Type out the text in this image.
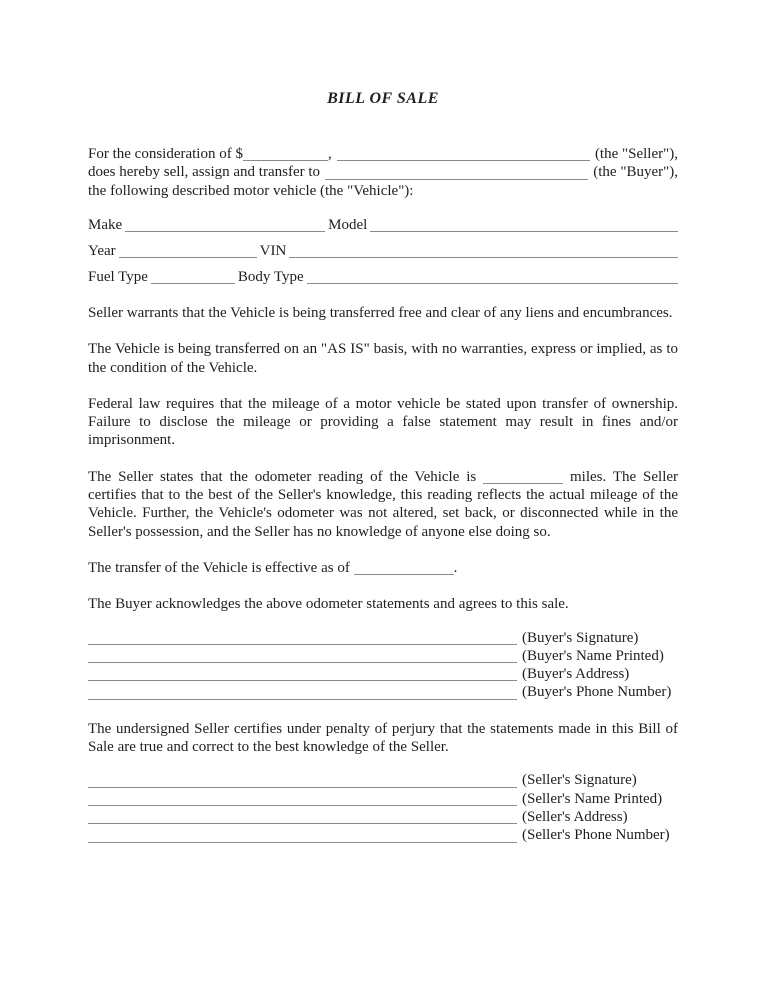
BILL OF SALE
For the consideration of $	,	(the "Seller"),
does hereby sell, assign and transfer to	(the "Buyer"),
the following described motor vehicle (the "Vehicle"):
Make	Model
Year	VIN
Fuel Type	Body Type

Seller warrants that the Vehicle is being transferred free and clear of any liens and encumbrances.

The Vehicle is being transferred on an "AS IS" basis, with no warranties, express or implied, as to the condition of the Vehicle.

Federal law requires that the mileage of a motor vehicle be stated upon transfer of ownership. Failure to disclose the mileage or providing a false statement may result in fines and/or imprisonment.

The Seller states that the odometer reading of the Vehicle is	miles. The Seller certifies that to the best of the Seller's knowledge, this reading reflects the actual mileage of the Vehicle. Further, the Vehicle's odometer was not altered, set back, or disconnected while in the Seller's possession, and the Seller has no knowledge of anyone else doing so.

The transfer of the Vehicle is effective as of	.

The Buyer acknowledges the above odometer statements and agrees to this sale.

(Buyer's Signature)
(Buyer's Name Printed)
(Buyer's Address)
(Buyer's Phone Number)

The undersigned Seller certifies under penalty of perjury that the statements made in this Bill of Sale are true and correct to the best knowledge of the Seller.

(Seller's Signature)
(Seller's Name Printed)
(Seller's Address)
(Seller's Phone Number)
